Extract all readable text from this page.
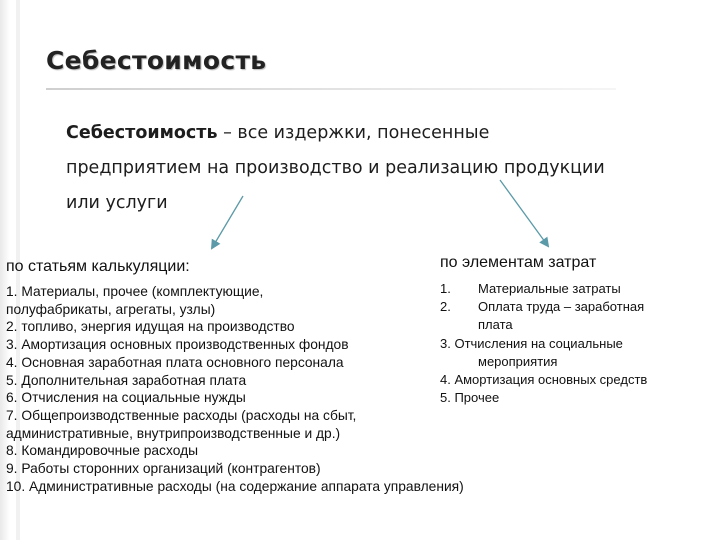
Себестоимость
Себестоимость – все издержки, понесенные
предприятием на производство и реализацию продукции
или услуги
по статьям калькуляции:	по элементам затрат
1. Материалы, прочее (комплектующие,
полуфабрикаты, агрегаты, узлы)
2. топливо, энергия идущая на производство
3. Амортизация основных производственных фондов
4. Основная заработная плата основного персонала
5. Дополнительная заработная плата
6. Отчисления на социальные нужды
7. Общепроизводственные расходы (расходы на сбыт,
административные, внутрипроизводственные и др.)
8. Командировочные расходы
9. Работы сторонних организаций (контрагентов)
10. Административные расходы (на содержание аппарата управления)
1. Материальные затраты
2. Оплата труда – заработная
плата
3. Отчисления на социальные
мероприятия
4. Амортизация основных средств
5. Прочее
